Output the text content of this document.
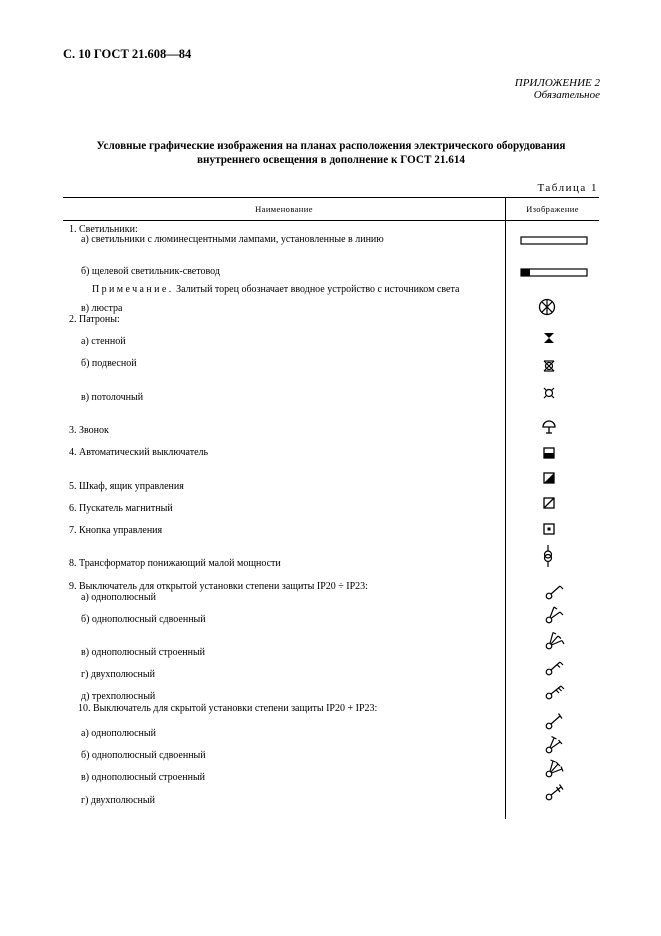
С. 10 ГОСТ 21.608—84
ПРИЛОЖЕНИЕ 2
Обязательное
Условные графические изображения на планах расположения электрического оборудования
внутреннего освещения в дополнение к ГОСТ 21.614
Таблица 1
Наименование	Изображение
1. Светильники:
а) светильники с люминесцентными лампами, установленные в линию
б) щелевой светильник-световод
Примечание. Залитый торец обозначает вводное устройство с источником света
в) люстра
2. Патроны:
а) стенной
б) подвесной
в) потолочный
3. Звонок
4. Автоматический выключатель
5. Шкаф, ящик управления
6. Пускатель магнитный
7. Кнопка управления
8. Трансформатор понижающий малой мощности
9. Выключатель для открытой установки степени защиты IP20 ÷ IP23:
а) однополюсный
б) однополюсный сдвоенный
в) однополюсный строенный
г) двухполюсный
д) трехполюсный
10. Выключатель для скрытой установки степени защиты IP20 + IP23:
а) однополюсный
б) однополюсный сдвоенный
в) однополюсный строенный
г) двухполюсный
